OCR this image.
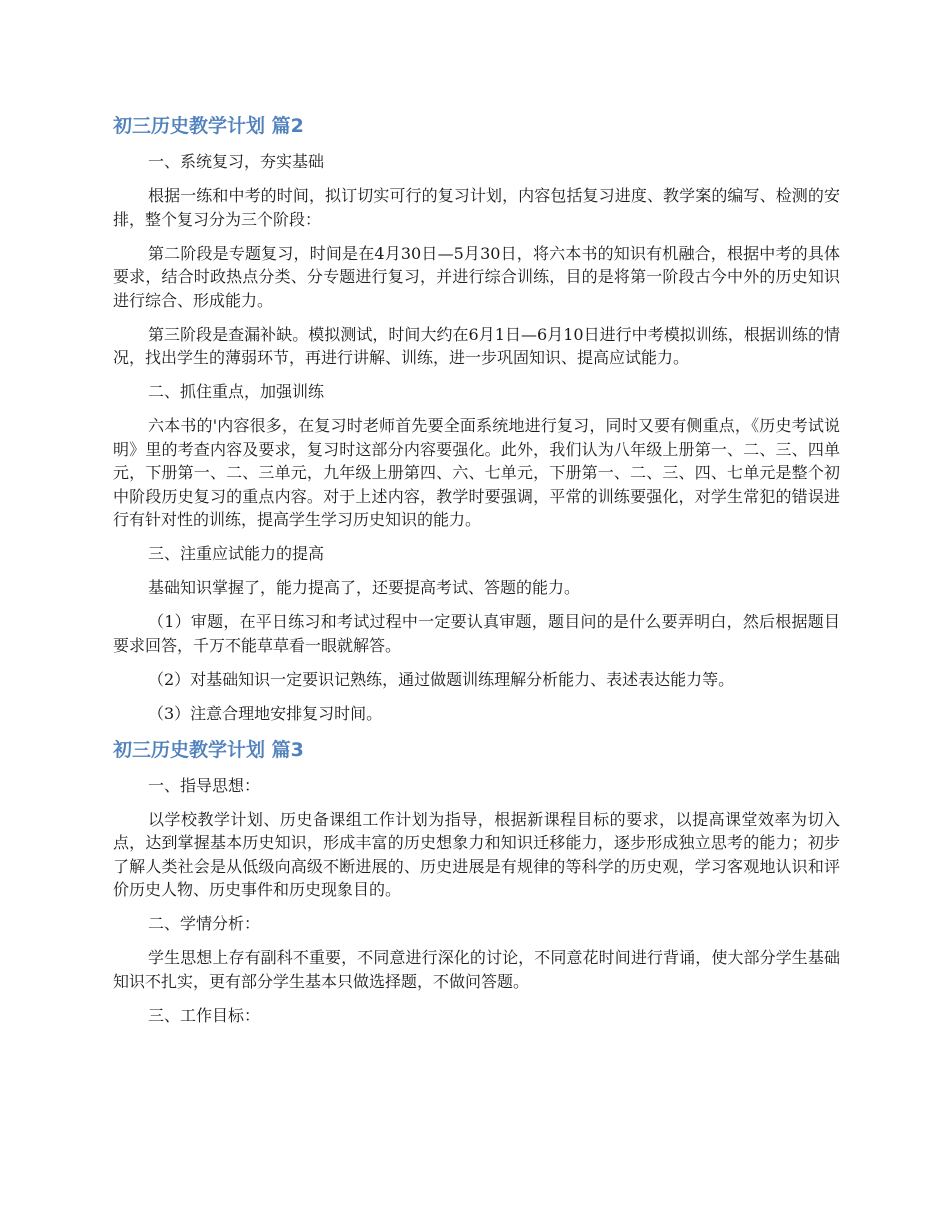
初三历史教学计划 篇2

一、系统复习，夯实基础

根据一练和中考的时间，拟订切实可行的复习计划，内容包括复习进度、教学案的编写、检测的安排，整个复习分为三个阶段：

第二阶段是专题复习，时间是在4月30日—5月30日，将六本书的知识有机融合，根据中考的具体要求，结合时政热点分类、分专题进行复习，并进行综合训练，目的是将第一阶段古今中外的历史知识进行综合、形成能力。

第三阶段是查漏补缺。模拟测试，时间大约在6月1日—6月10日进行中考模拟训练，根据训练的情况，找出学生的薄弱环节，再进行讲解、训练，进一步巩固知识、提高应试能力。

二、抓住重点，加强训练

六本书的'内容很多，在复习时老师首先要全面系统地进行复习，同时又要有侧重点，《历史考试说明》里的考查内容及要求，复习时这部分内容要强化。此外，我们认为八年级上册第一、二、三、四单元，下册第一、二、三单元，九年级上册第四、六、七单元，下册第一、二、三、四、七单元是整个初中阶段历史复习的重点内容。对于上述内容，教学时要强调，平常的训练要强化，对学生常犯的错误进行有针对性的训练，提高学生学习历史知识的能力。

三、注重应试能力的提高

基础知识掌握了，能力提高了，还要提高考试、答题的能力。

（1）审题，在平日练习和考试过程中一定要认真审题，题目问的是什么要弄明白，然后根据题目要求回答，千万不能草草看一眼就解答。

（2）对基础知识一定要识记熟练，通过做题训练理解分析能力、表述表达能力等。

（3）注意合理地安排复习时间。

初三历史教学计划 篇3

一、指导思想：

以学校教学计划、历史备课组工作计划为指导，根据新课程目标的要求，以提高课堂效率为切入点，达到掌握基本历史知识，形成丰富的历史想象力和知识迁移能力，逐步形成独立思考的能力；初步了解人类社会是从低级向高级不断进展的、历史进展是有规律的等科学的历史观，学习客观地认识和评价历史人物、历史事件和历史现象目的。

二、学情分析：

学生思想上存有副科不重要，不同意进行深化的讨论，不同意花时间进行背诵，使大部分学生基础知识不扎实，更有部分学生基本只做选择题，不做问答题。

三、工作目标：
